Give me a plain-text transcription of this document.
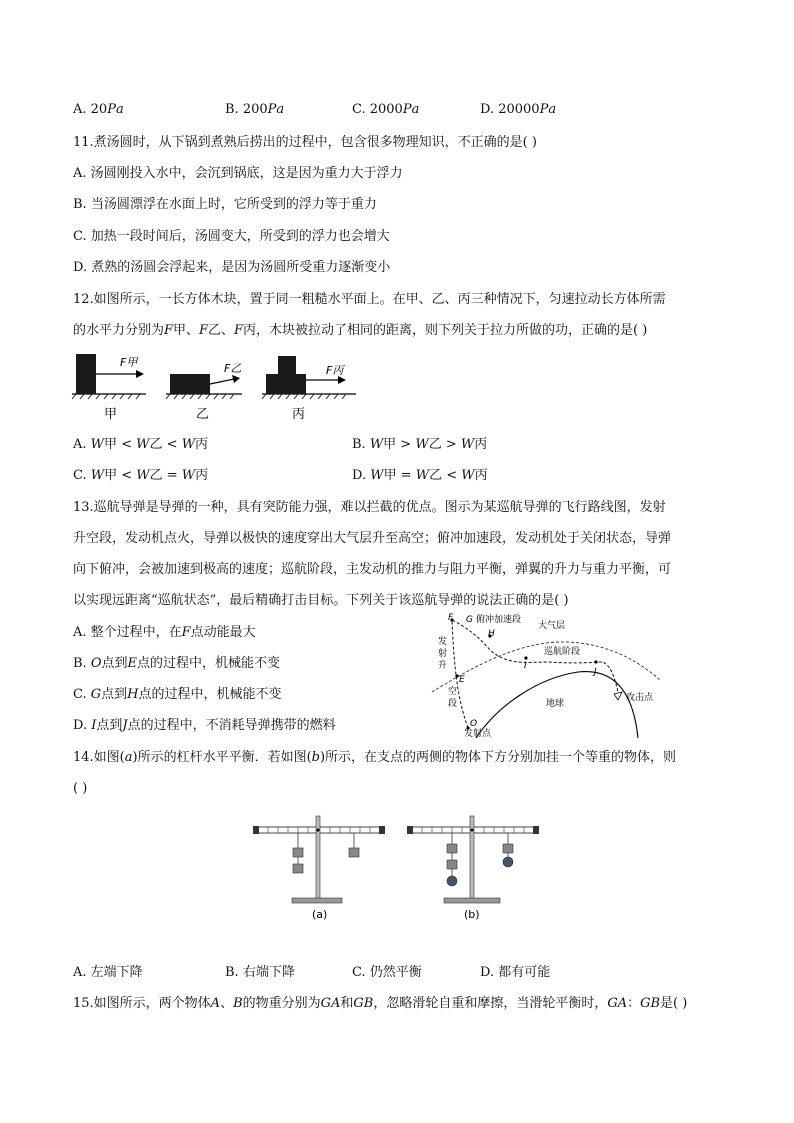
A. 20𝑃𝑎	B. 200𝑃𝑎	C. 2000𝑃𝑎	D. 20000𝑃𝑎
11.煮汤圆时，从下锅到煮熟后捞出的过程中，包含很多物理知识，不正确的是( )
A. 汤圆刚投入水中，会沉到锅底，这是因为重力大于浮力
B. 当汤圆漂浮在水面上时，它所受到的浮力等于重力
C. 加热一段时间后，汤圆变大，所受到的浮力也会增大
D. 煮熟的汤圆会浮起来，是因为汤圆所受重力逐渐变小
12.如图所示，一长方体木块，置于同一粗糙水平面上。在甲、乙、丙三种情况下，匀速拉动长方体所需
的水平力分别为𝐹甲、𝐹乙、𝐹丙，木块被拉动了相同的距离，则下列关于拉力所做的功，正确的是( )
F甲
甲
F乙
乙
F丙
丙
A. 𝑊甲 < 𝑊乙 < 𝑊丙	B. 𝑊甲 > 𝑊乙 > 𝑊丙
C. 𝑊甲 < 𝑊乙 = 𝑊丙	D. 𝑊甲 = 𝑊乙 < 𝑊丙
13.巡航导弹是导弹的一种，具有突防能力强，难以拦截的优点。图示为某巡航导弹的飞行路线图，发射
升空段，发动机点火，导弹以极快的速度穿出大气层升至高空；俯冲加速段，发动机处于关闭状态，导弹
向下俯冲，会被加速到极高的速度；巡航阶段，主发动机的推力与阻力平衡，弹翼的升力与重力平衡，可
以实现远距离“巡航状态”，最后精确打击目标。下列关于该巡航导弹的说法正确的是( )
A. 整个过程中，在𝐹点动能最大
B. 𝑂点到𝐸点的过程中，机械能不变
C. 𝐺点到𝐻点的过程中，机械能不变
D. 𝐼点到𝐽点的过程中，不消耗导弹携带的燃料
F G 俯冲加速段
H
大气层
巡航阶段
I
J
E
O
发
射
升
空
段	地球
攻击点
发射点
14.如图(𝑎)所示的杠杆水平平衡．若如图(𝑏)所示，在支点的两侧的物体下方分别加挂一个等重的物体，则
( )
(a)	(b)
A. 左端下降	B. 右端下降	C. 仍然平衡	D. 都有可能
15.如图所示，两个物体𝐴、𝐵的物重分别为𝐺𝐴和𝐺𝐵，忽略滑轮自重和摩擦，当滑轮平衡时，𝐺𝐴：𝐺𝐵是( )
